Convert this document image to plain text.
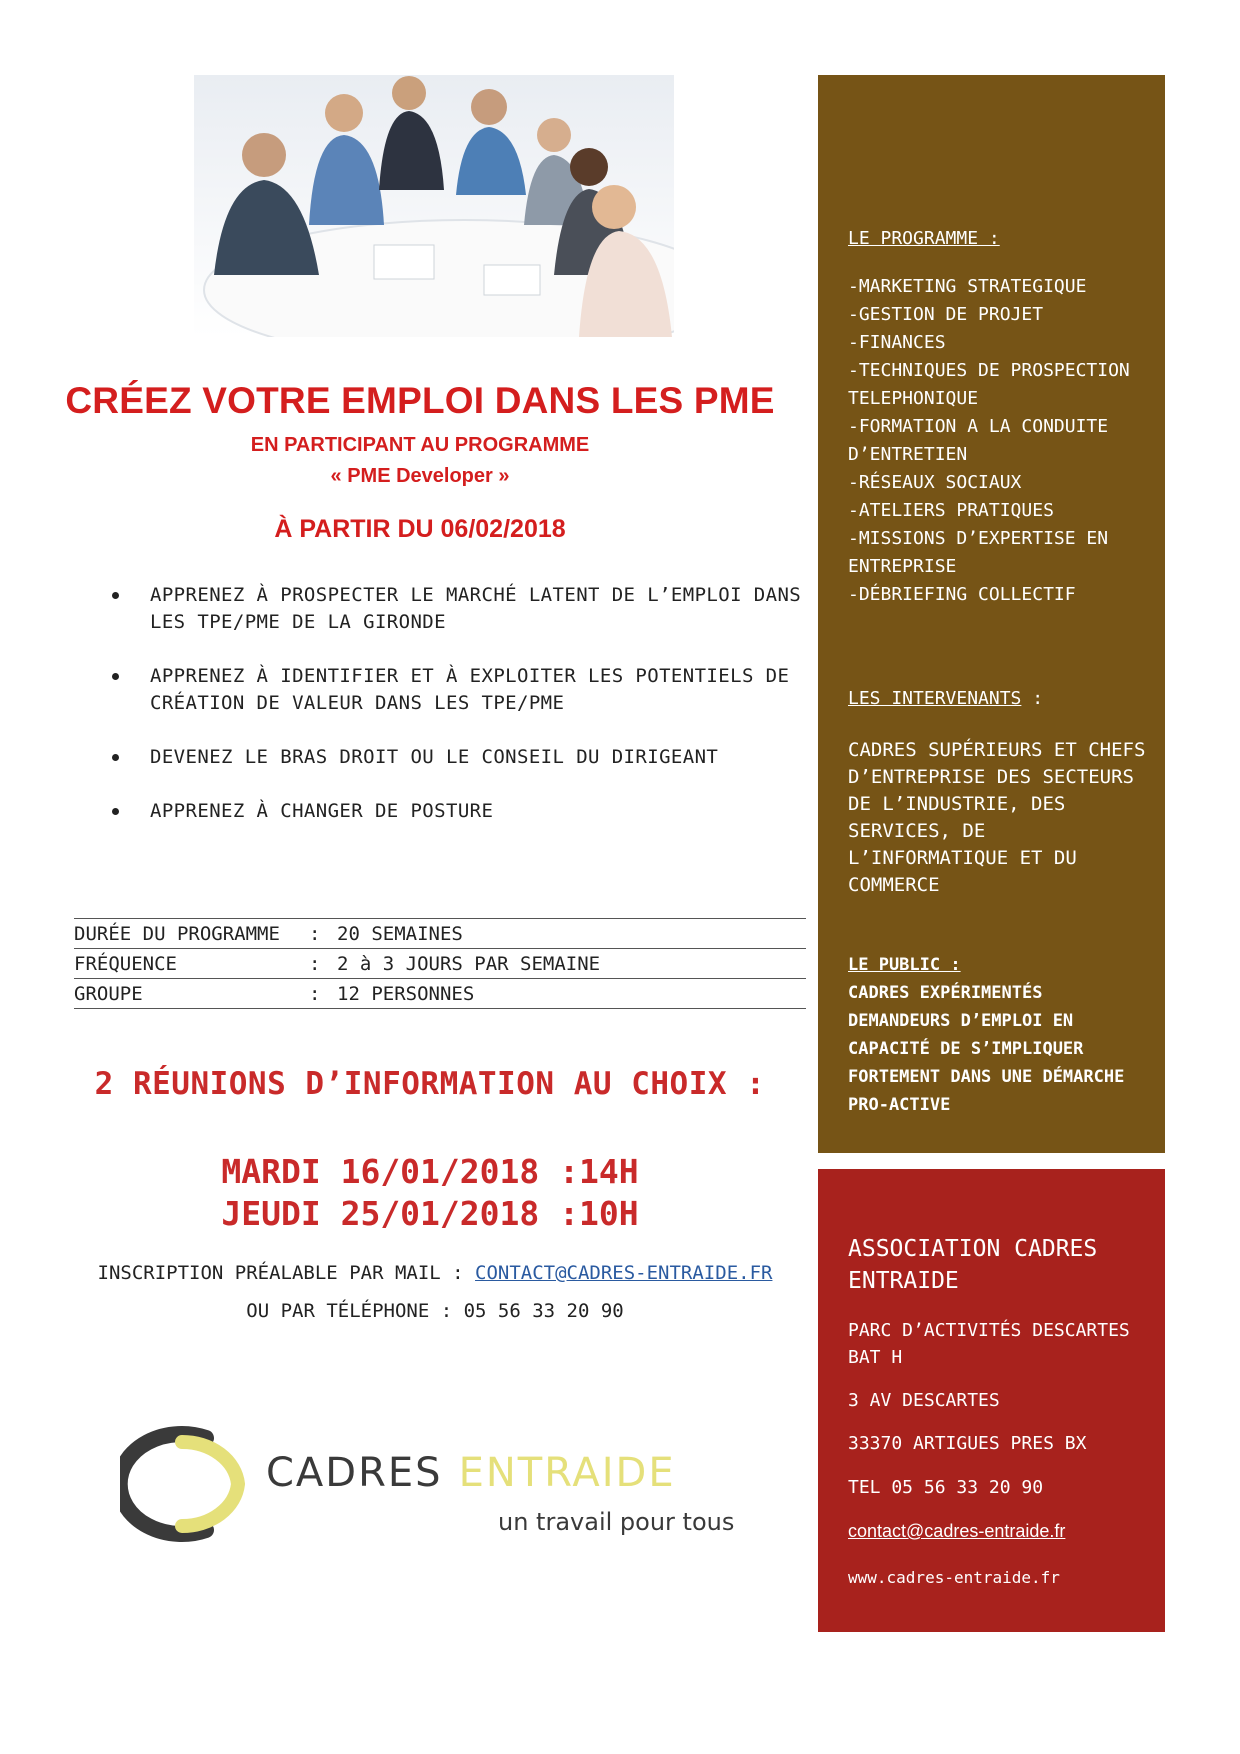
CRÉEZ VOTRE EMPLOI DANS LES PME
EN PARTICIPANT AU PROGRAMME
« PME Developer »
À PARTIR DU 06/02/2018
APPRENEZ À PROSPECTER LE MARCHÉ LATENT DE L’EMPLOI DANS LES TPE/PME DE LA GIRONDE
APPRENEZ À IDENTIFIER ET À EXPLOITER LES POTENTIELS DE CRÉATION DE VALEUR DANS LES TPE/PME
DEVENEZ LE BRAS DROIT OU LE CONSEIL DU DIRIGEANT
APPRENEZ À CHANGER DE POSTURE
DURÉE DU PROGRAMME	: 20 SEMAINES
FRÉQUENCE	: 2 à 3 JOURS PAR SEMAINE
GROUPE	: 12 PERSONNES
2 RÉUNIONS D’INFORMATION AU CHOIX :
MARDI 16/01/2018 :14H
JEUDI 25/01/2018 :10H
INSCRIPTION PRÉALABLE PAR MAIL : CONTACT@CADRES-ENTRAIDE.FR
OU PAR TÉLÉPHONE : 05 56 33 20 90
CADRES ENTRAIDE
un travail pour tous
LE PROGRAMME :
-MARKETING STRATEGIQUE
-GESTION DE PROJET
-FINANCES
-TECHNIQUES DE PROSPECTION TELEPHONIQUE
-FORMATION A LA CONDUITE D’ENTRETIEN
-RÉSEAUX SOCIAUX
-ATELIERS PRATIQUES
-MISSIONS D’EXPERTISE EN ENTREPRISE
-DÉBRIEFING COLLECTIF
LES INTERVENANTS :
CADRES SUPÉRIEURS ET CHEFS D’ENTREPRISE DES SECTEURS DE L’INDUSTRIE, DES SERVICES, DE L’INFORMATIQUE ET DU COMMERCE
LE PUBLIC :
CADRES EXPÉRIMENTÉS DEMANDEURS D’EMPLOI EN CAPACITÉ DE S’IMPLIQUER FORTEMENT DANS UNE DÉMARCHE PRO-ACTIVE
ASSOCIATION CADRES ENTRAIDE
PARC D’ACTIVITÉS DESCARTES BAT H
3 AV DESCARTES
33370 ARTIGUES PRES BX
TEL 05 56 33 20 90
contact@cadres-entraide.fr
www.cadres-entraide.fr
